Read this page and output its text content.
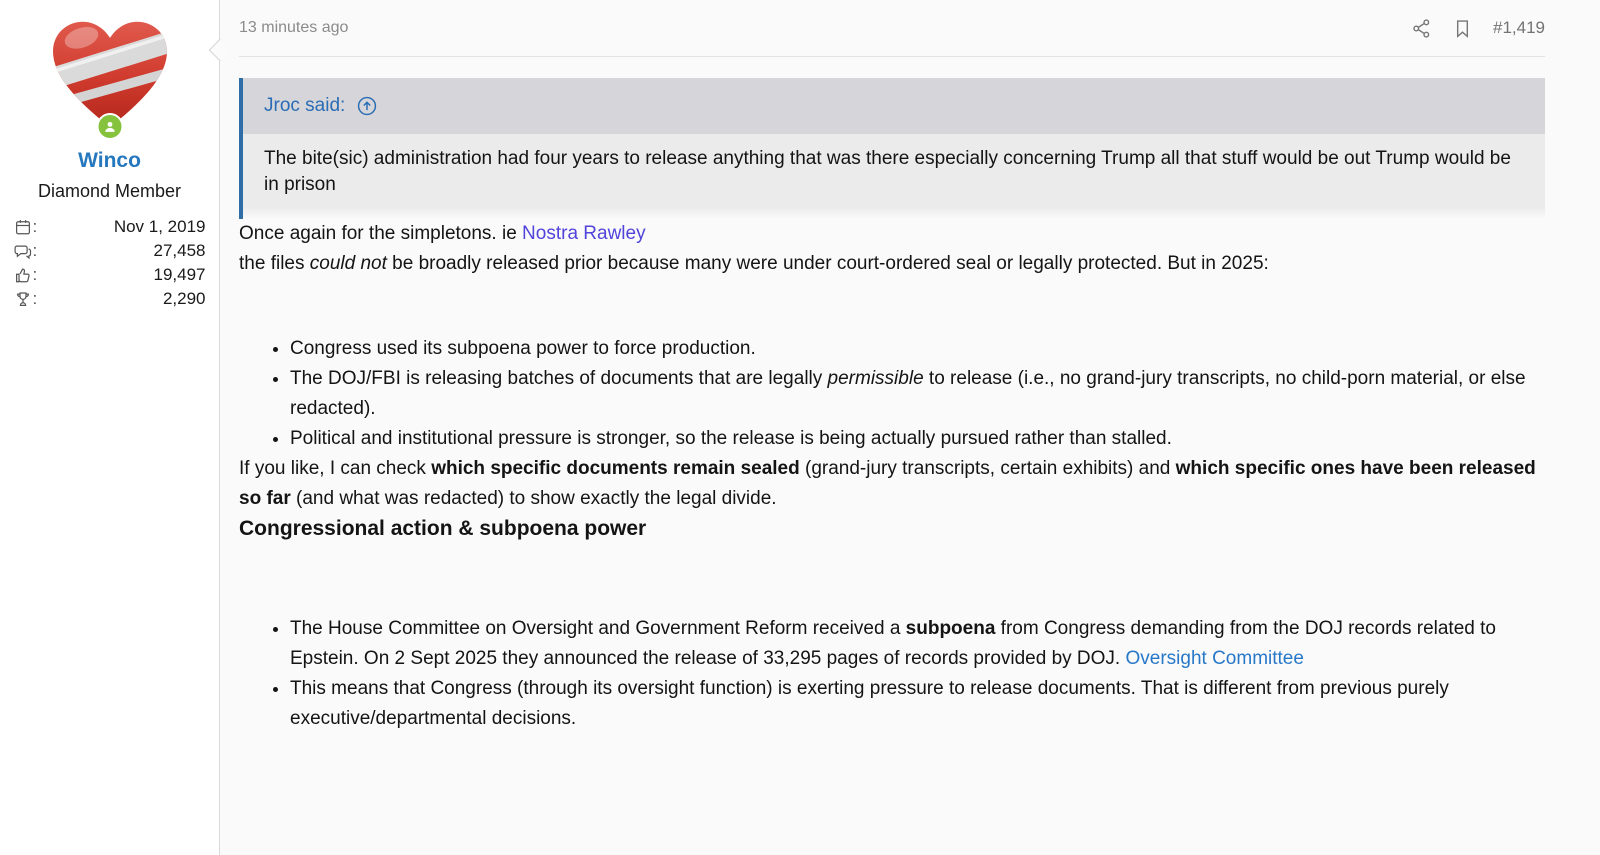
Winco
Diamond Member
:	Nov 1, 2019
:	27,458
:	19,497
:	2,290
13 minutes ago	#1,419
Jroc said:
The bite(sic) administration had four years to release anything that was there especially concerning Trump all that stuff would be out Trump would be in prison

Once again for the simpletons. ie Nostra Rawley

the files could not be broadly released prior because many were under court-ordered seal or legally protected. But in 2025:

• Congress used its subpoena power to force production.
• The DOJ/FBI is releasing batches of documents that are legally permissible to release (i.e., no grand-jury transcripts, no child-porn material, or else redacted).
• Political and institutional pressure is stronger, so the release is being actually pursued rather than stalled.

If you like, I can check which specific documents remain sealed (grand-jury transcripts, certain exhibits) and which specific ones have been released so far (and what was redacted) to show exactly the legal divide.

Congressional action & subpoena power

• The House Committee on Oversight and Government Reform received a subpoena from Congress demanding from the DOJ records related to Epstein. On 2 Sept 2025 they announced the release of 33,295 pages of records provided by DOJ. Oversight Committee
• This means that Congress (through its oversight function) is exerting pressure to release documents. That is different from previous purely executive/departmental decisions.
